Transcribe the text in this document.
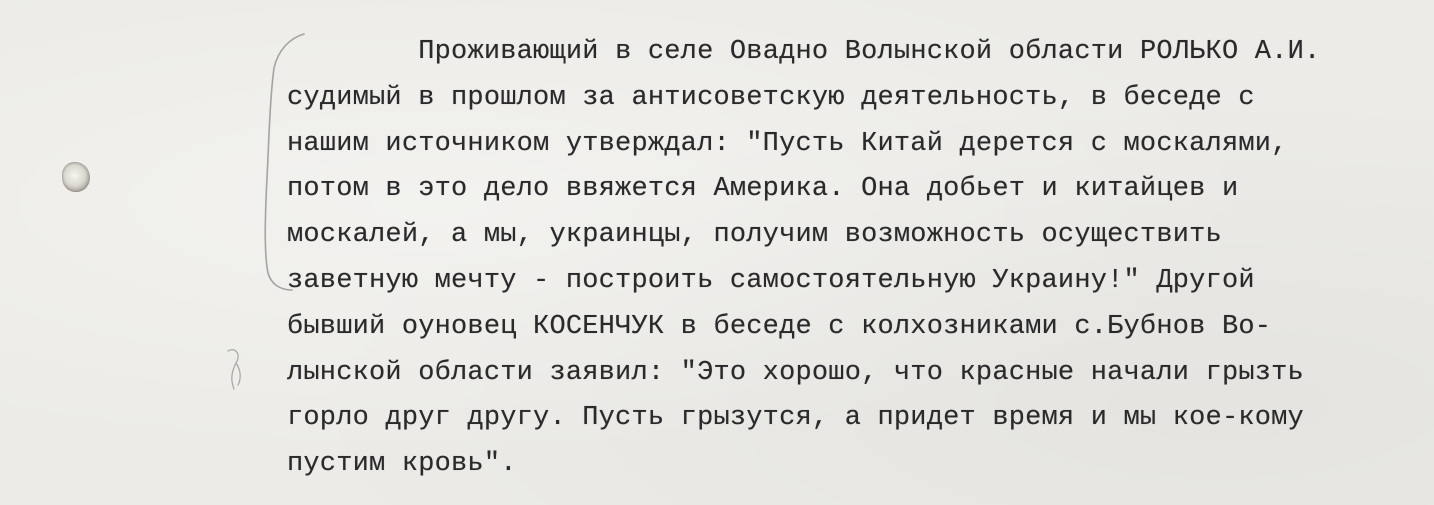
Проживающий в селе Овадно Волынской области РОЛЬКО А.И.
судимый в прошлом за антисоветскую деятельность, в беседе с
нашим источником утверждал: "Пусть Китай дерется с москалями,
потом в это дело ввяжется Америка. Она добьет и китайцев и
москалей, а мы, украинцы, получим возможность осуществить
заветную мечту - построить самостоятельную Украину!" Другой
бывший оуновец КОСЕНЧУК в беседе с колхозниками с.Бубнов Во-
лынской области заявил: "Это хорошо, что красные начали грызть
горло друг другу. Пусть грызутся, а придет время и мы кое-кому
пустим кровь".
